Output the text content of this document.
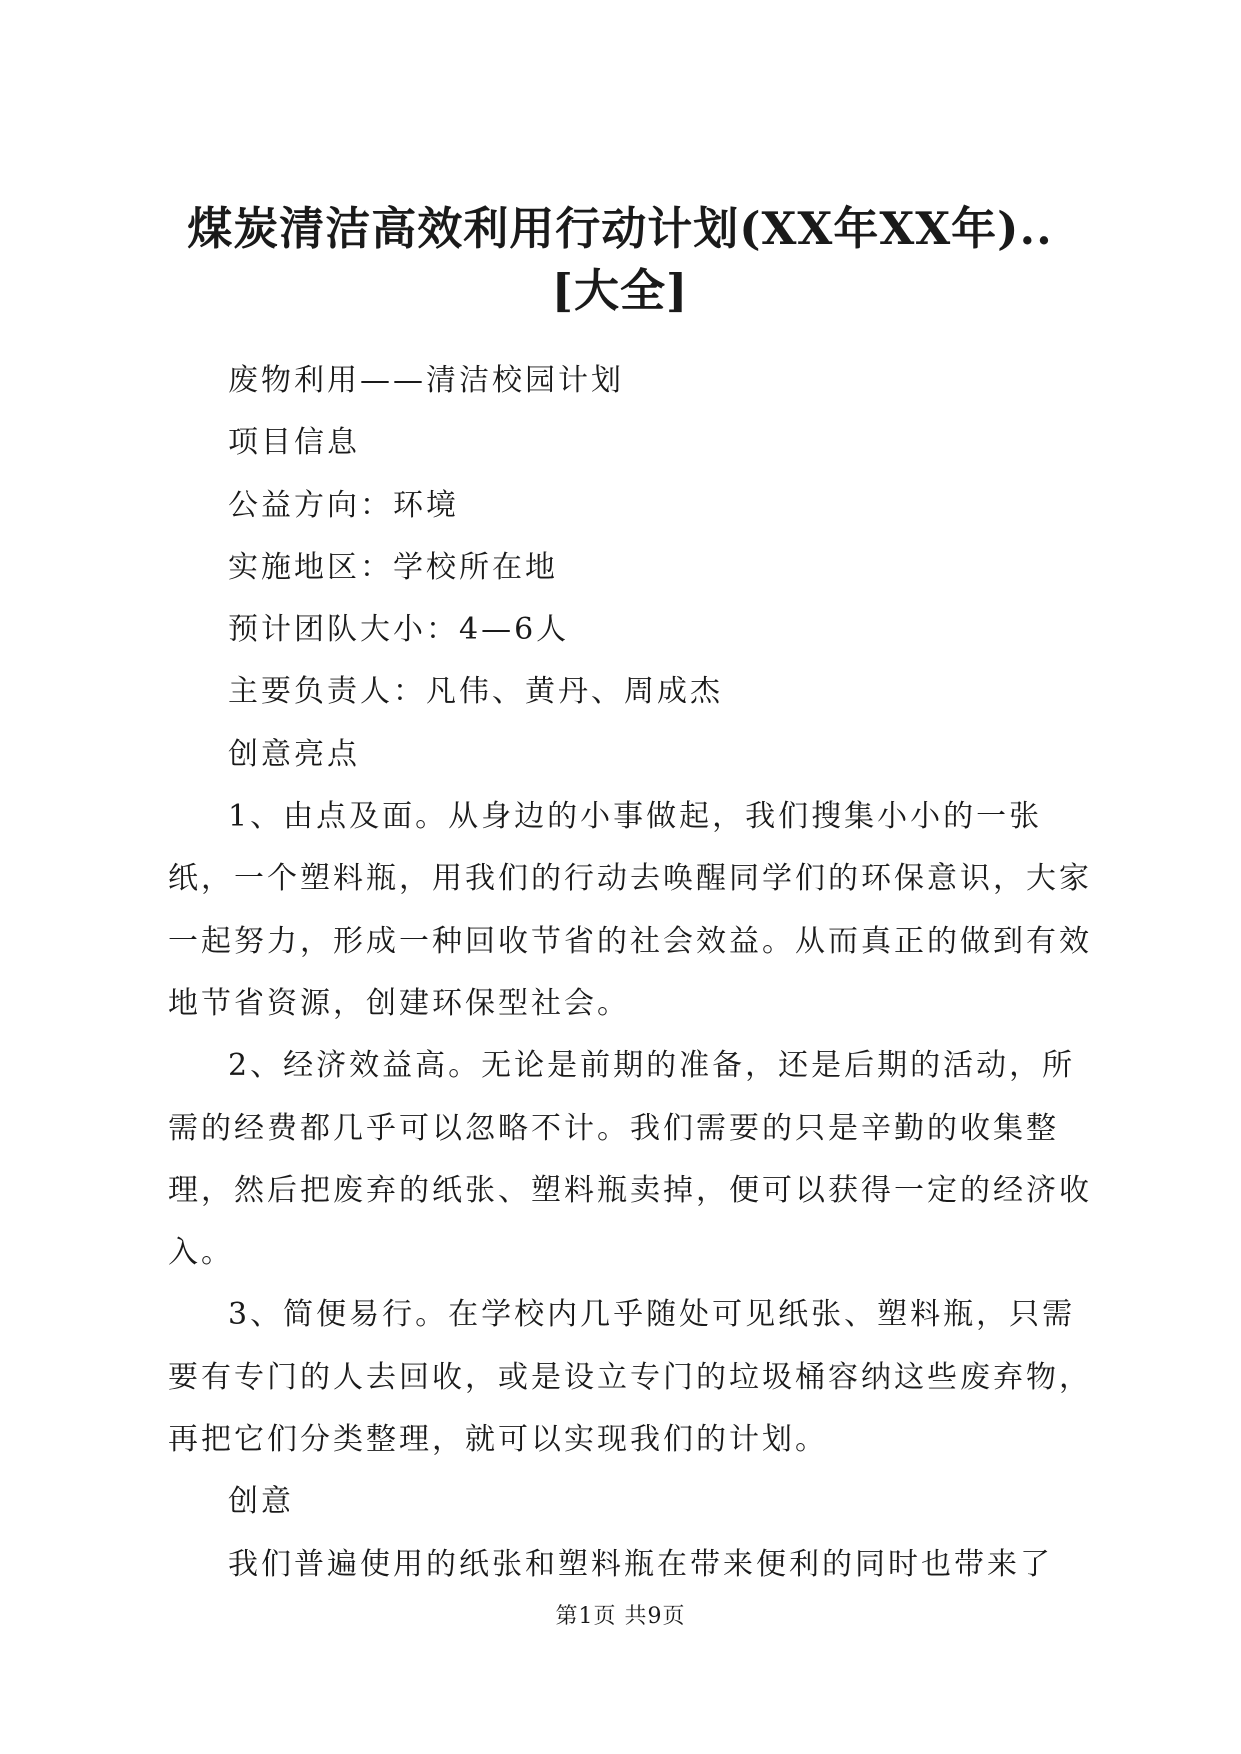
煤炭清洁高效利用行动计划(XX年XX年)..[大全]

废物利用——清洁校园计划

项目信息

公益方向：环境

实施地区：学校所在地

预计团队大小：4—6人

主要负责人：凡伟、黄丹、周成杰

创意亮点

1、由点及面。从身边的小事做起，我们搜集小小的一张纸，一个塑料瓶，用我们的行动去唤醒同学们的环保意识，大家一起努力，形成一种回收节省的社会效益。从而真正的做到有效地节省资源，创建环保型社会。

2、经济效益高。无论是前期的准备，还是后期的活动，所需的经费都几乎可以忽略不计。我们需要的只是辛勤的收集整理，然后把废弃的纸张、塑料瓶卖掉，便可以获得一定的经济收入。

3、简便易行。在学校内几乎随处可见纸张、塑料瓶，只需要有专门的人去回收，或是设立专门的垃圾桶容纳这些废弃物，再把它们分类整理，就可以实现我们的计划。

创意

我们普遍使用的纸张和塑料瓶在带来便利的同时也带来了

第1页 共9页
